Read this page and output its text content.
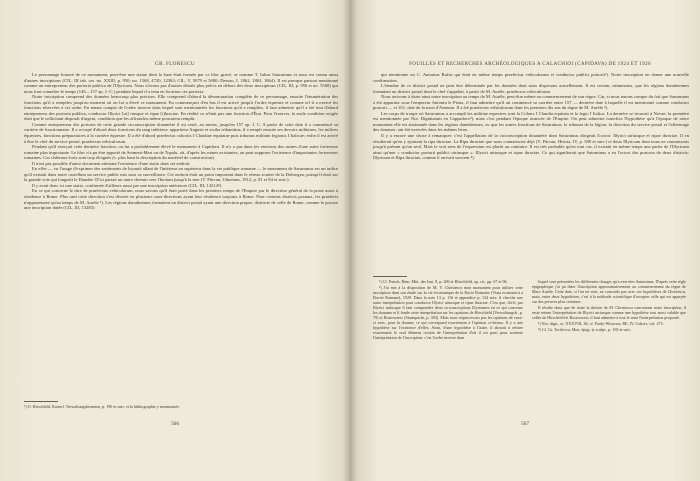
GR. FLORESCU

Le personnage honoré de ce monument, peut-être une statue dont la base était formée par ce bloc gravé, se nomme T. Iulius Saturninus et nous est connu aussi d'autres inscriptions (CIL, III tab. cer. no. XXIII, p. 950; no. 1568, 4720, 12363; CIL, V, 5079 et 5080; Dessau, I, 1862, 1863, 1864). Il est presque partout mentionné comme un entrepreneur des portoria publica de l'Illyricum. Nous n'avons pas d'autres détails plus précis en dehors des deux inscriptions (CIL, III, p. 950 et no. 5568) qui nous font connaître le temps (146—157 ap. J.-C.) pendant lequel il a tenu en location ces portoria.

Notre inscription comprend des données beaucoup plus précises. Elle comprend d'abord la dénomination complète de ce personnage, ensuite l'énumération des fonctions qu'il a remplies jusqu'au moment où on lui a élevé ce monument. En commençant d'en bas il est arrivé jusqu'à l'ordre équestre et comme tel il a exercé les fonctions réservées à cet ordre. En tenant compte de l'ordre inverse dans lequel sont mentionnées les fonctions qu'il a remplies, il faut admettre qu'il a été tout d'abord entrepreneur des portoria publica, conductor Illyrici [ut] riusque et ripae [t]hraciae. En réalité ce n'était pas une fonction d'État. Pour l'exercer, la seule condition exigée était que le sollicitant disposât d'argent, condition que les affranchis même pouvaient remplir.

Comme entrepreneur des portoria de cette grande circonscription douanière il est resté, au moins, jusqu'en 157 ap. J. C. A partir de cette date il a commencé sa carrière de fonctionnaire. Il a occupé d'abord deux fonctions du rang inférieur: appariteur Augusti et scriba tribunitius; il a rempli ensuite ses devoirs militaires, les milices équestres, fonctions préparatoires à la carrière équestre. Il a été d'abord praefectus cohortis I Claudiae equitatae puis tribunus militum legionis I Italicae; enfin il est arrivé à être le chef du service postal, praefectus vehiculorum.

Pendant qu'il exerçait cette dernière fonction, on lui a probablement élevé le monument à Capidava. Il n'y a pas dans les environs des ruines d'une autre forteresse romaine plus importante. Le bloc n'a pu être apporté de Seimeni-Mari ou de Topalu, où, d'après les ruines existantes, on peut supposer l'existence d'importantes forteresses romaines. Ces châteaux-forts sont trop éloignés (v. plus haut la description du matériel de construction).

Il n'est pas possible d'autre document attestant l'existence d'une statio dans cet endroit.

En effet — vu l'usage d'exprimer des sentiments de loyauté allant de l'intérieur au supérieur dans la vie publique romaine — le monument de Saturninus est un indice qu'il existait dans notre castellum un service public mis sous sa surveillance. Cet endroit était un point important dans le réseau routier de la Dobrogea, puisqu'il était sur la grande voie qui longeait le Danube. D'ici partait un autre chemin vers l'Inotum jusqu'à la mer (V. Pârvan, Ulmetum, 1912, p. 81 et 84 et suiv.).

Il y avait donc ici une statio, confirmée d'ailleurs aussi par une inscription antérieure (CIL, III, 14214⁴).

En ce qui concerne le titre de praefectus vehiculorum, nous savons qu'il était porté dans les premiers temps de l'Empire par le directeur général de la poste aussi à résidence à Rome. Plus tard cette direction s'est divisée en plusieurs sous-directions ayant leur résidence toujours à Rome. Pour certains districts postaux, les praefecti n'apparaissent qu'au temps de M. Aurèle ¹). Les régions danubiennes formaient un district postal ayant une direction propre, distincte de celle de Rome, comme le prouve une inscription datée (CIL, III, 13283)

¹) O. Hirschfeld, Kaiserl. Verwaltungsbeamten, p. 190 et suiv. et la bibliographie y mentionnée.
566
FOUILLES ET RECHERCHES ARCHÉOLOGIQUES A CALACHIOI (CAPIDAVA) DE 1924 ET 1926

qui mentionne un C. Antonius Rufus qui était en même temps praefectus vehiculorum et conductor publici portorii¹). Notre inscription en donne une nouvelle confirmation.

L'étendue de ce district postal ne peut être déterminée par les données dont nous disposons actuellement. Il est certain, néanmoins, que les régions danubiennes formaient un district postal dont le chef s'appelait, à partir de M. Aurèle, praefectus vehiculorum.

Nous arrivons à dater ainsi notre inscription au temps de M. Aurèle, peut-être même au commencement de son règne. Car, si nous tenons compte du fait que Saturninus a été apparitor sous l'empereur Antonin le Pieux, il faut admettre qu'il ait commencé sa carrière entre 157 — dernière date à laquelle il est mentionné comme conductor portorii — et 161, date de la mort d'Antonin. Il a été praefectus vehiculorum dans les premiers dix ans du règne de M. Aurèle ²).

Les corps de troupe où Saturninus a accompli les militiae equestres sont la Cohors I Claudia equitata et la legio I Italica. La dernière se trouvait à Novae; la première est mentionnée par Not. Dignitatum en Cappadoce³), mais c'est pendant l'époque avancée de l'Empire. On peut admettre toutefois l'hypothèse qu'à l'époque de notre monument elle est stationnée dans les régions danubiennes, vu que les autres fonctions de Saturninus, le tribunat de la légion, la direction du service postal et l'affermage des douanes, ont été exercées dans les mêmes lieux.

Il y a encore une chose à remarquer: c'est l'appellation de la circonscription douanière dont Saturninus dirigeait l'octroi: Illyrici utriusque et ripae thraciae. Il en résulterait qu'en y ajoutant la ripa thraciae. La Ripa thraciae que nous connaissons déjà (V. Pârvan, Histria, IV, p. 580 et suiv.) et deux Illyricum dont nous ne connaissons jusqu'à présent qu'un seul. Mais le vrai sens de l'expression est plutôt au contraire. Il est très probable qu'en tout cas, il existait en même temps une partie de l'Illyricum ainsi qu'une « conductor portorii publici utriusque »: Illyrici utriusque et ripae thraciae. Ce qui signifierait que Saturninus a eu l'octroi des portoria de deux districts: Illyricum et Ripa thraciae, comme il arrivait souvent ⁴).

¹) Cf. Patsch, Röm. Mitt. des Inst. 8, p. 206 et Hirschfeld, op. cit., pp. 67 et 96.

²) J'ai mis à la disposition de M. V. Christescu mon monument pour utiliser cette inscription dans son étude sur la vie économique de la Dacie Romaine (Viața economică a Daciei Romane), 1929. Dans la note 13 p. 116 et appendice p. 134 suiv. il cherche une autre interprétation pour conductor Illyrici utriusque et ripae thraciae. C'est que, dit-il, par Illyrici utriusque il faut comprendre deux circonscriptions Illyriennes en ce qui concerne les douanes et il fonde cette interprétation sur les opinions de Hirschfeld (Verwaltungsb., p. 79) et Rostowzew (Staatspacht, p. 393). Mais nous n'apercevons pas les opinions de ceux-ci avec, pour la douane, ce qui correspond exactement à l'opinion ci-dessus. Il y a une hypothèse sur l'existence d'elles. Ainsi, d'une hypothèse à l'autre, il aboutit à refuter exactement le seul élément certain de l'interprétation d'où il est parti pour soutenir l'interprétation de l'inscription: c'est l'ordre inverse dans

lequel sont présentées les différentes charges qu'a exercées Saturninus. D'après cette règle épigraphique j'ai pu dater l'inscription approximativement au commencement du règne de Marc Aurèle. Cette date, si l'on en veut, ne concorde pas avec ces hypothèses de Christescu, mais, entre deux hypothèses, c'est à la méthode scientifique d'accepter celle qui est appuyée sur des preuves plus certaines.

Il résulte donc que de toute la théorie de M. Christescu concernant notre inscription, il reste retenu l'interprétation de Illyrici utriusque comme une hypothèse tout aussi valable que celles de Hirschfeld et Rostowzew, il faut admettre à tout le reste l'interprétation proposée.

³) Not. dign., or. XXXVIII, 36; cf. Pauly-Wissowa, RE, IV, Cohors, col. 273.

⁴) Cf. Gr. Tocilescu, Mon. épigr. și sculpt., p. 165 et suiv.

567
